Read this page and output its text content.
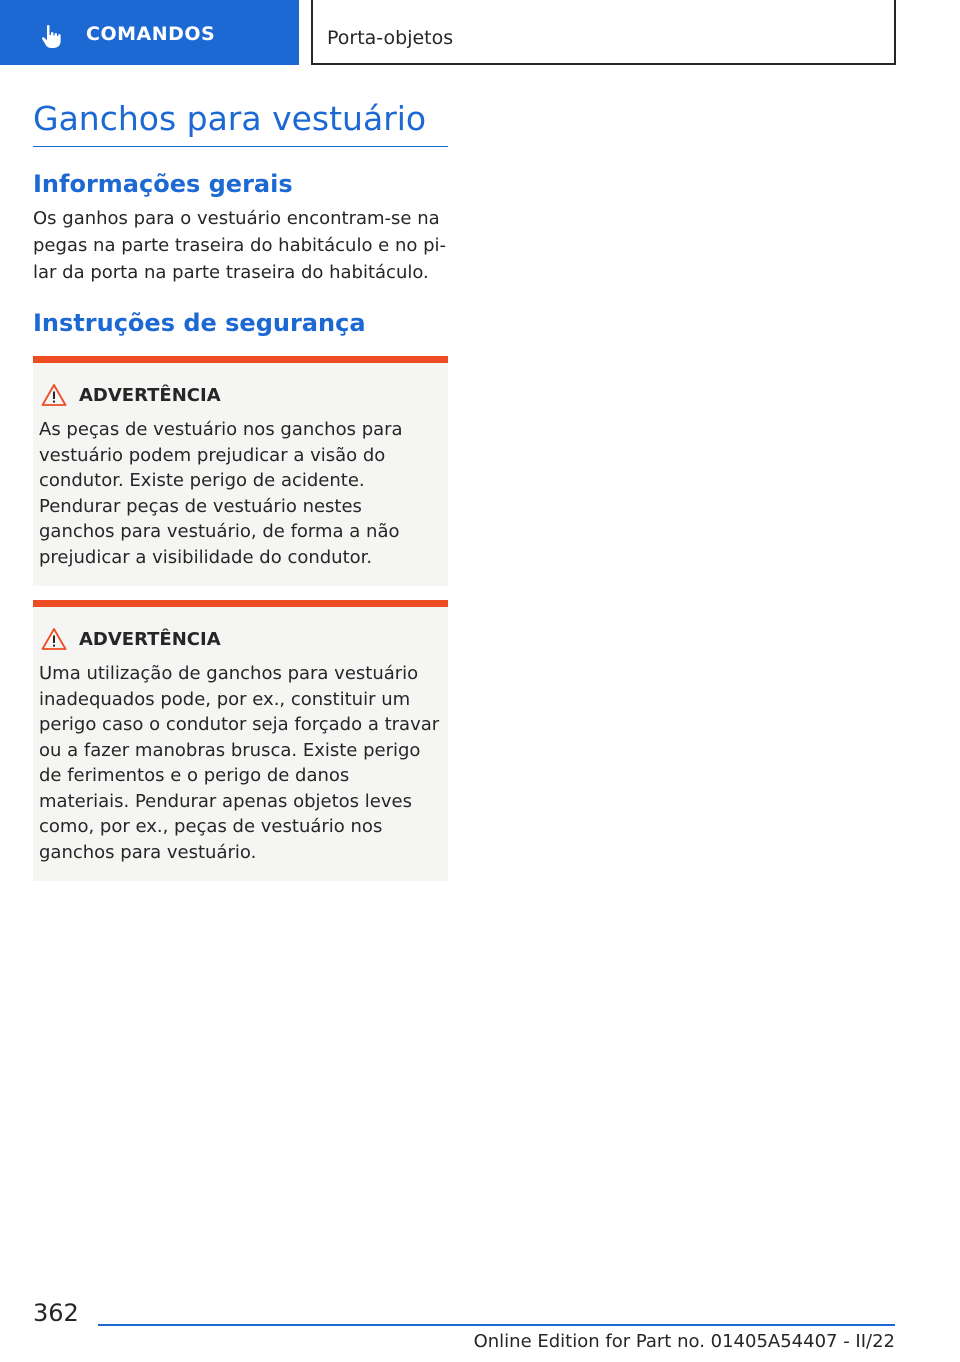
COMANDOS	Porta-objetos
Ganchos para vestuário
Informações gerais

Os ganhos para o vestuário encontram-se na pegas na parte traseira do habitáculo e no pilar da porta na parte traseira do habitáculo.

Instruções de segurança
ADVERTÊNCIA

As peças de vestuário nos ganchos para vestuário podem prejudicar a visão do condutor. Existe perigo de acidente. Pendurar peças de vestuário nestes ganchos para vestuário, de forma a não prejudicar a visibilidade do condutor.

ADVERTÊNCIA

Uma utilização de ganchos para vestuário inadequados pode, por ex., constituir um perigo caso o condutor seja forçado a travar ou a fazer manobras brusca. Existe perigo de ferimentos e o perigo de danos materiais. Pendurar apenas objetos leves como, por ex., peças de vestuário nos ganchos para vestuário.

362
Online Edition for Part no. 01405A54407 - II/22
